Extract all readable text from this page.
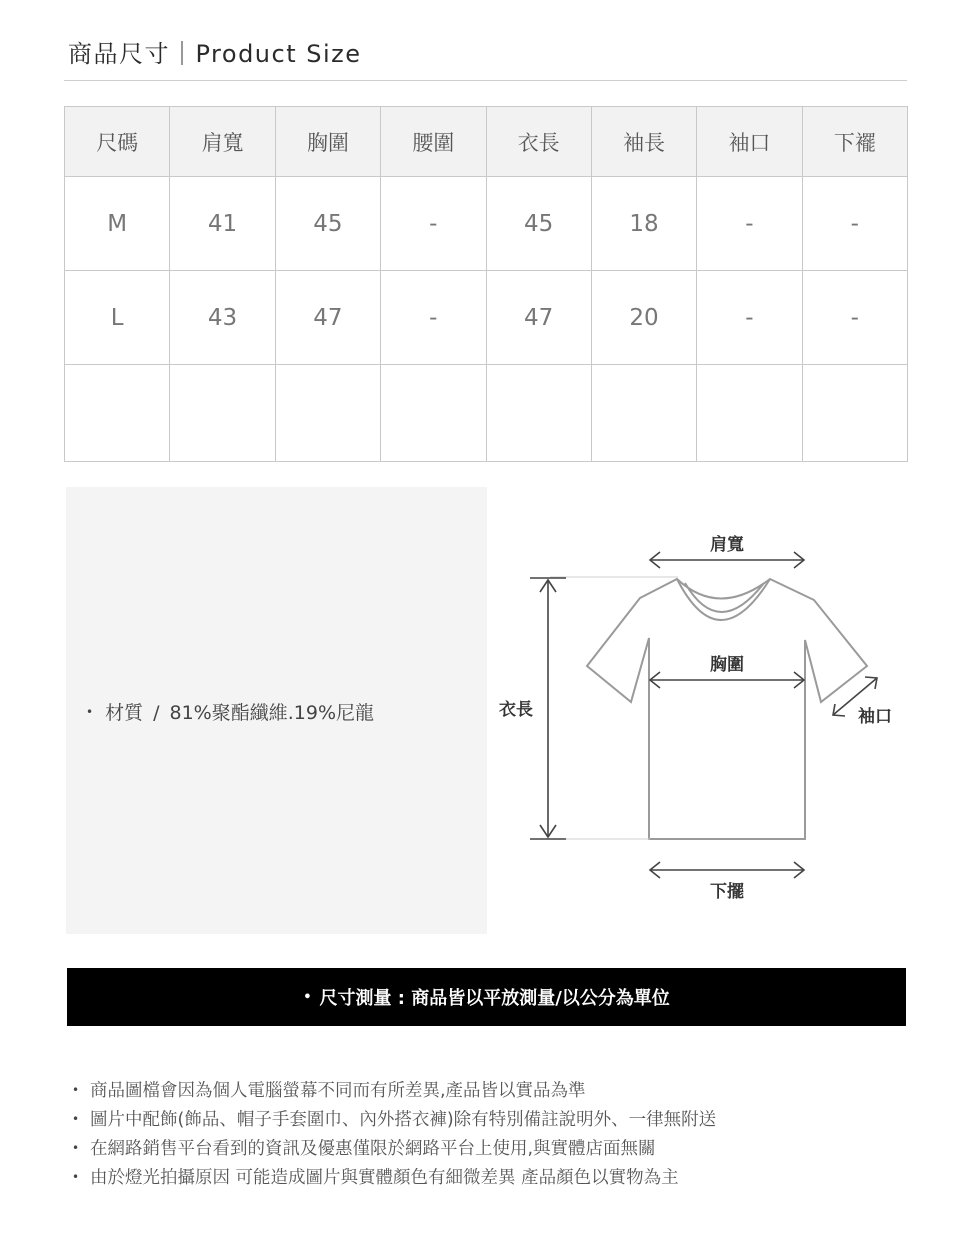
商品尺寸｜Product Size
尺碼	肩寬	胸圍	腰圍	衣長	袖長	袖口	下襬
M	41	45	-	45	18	-	-
L	43	47	-	47	20	-	-

• 材質 / 81%聚酯纖維.19%尼龍
肩寬
胸圍
衣長	袖口
下擺
• 尺寸測量 : 商品皆以平放測量/以公分為單位
• 商品圖檔會因為個人電腦螢幕不同而有所差異,產品皆以實品為準
• 圖片中配飾(飾品、帽子手套圍巾、內外搭衣褲)除有特別備註說明外、一律無附送
• 在網路銷售平台看到的資訊及優惠僅限於網路平台上使用,與實體店面無關
• 由於燈光拍攝原因 可能造成圖片與實體顏色有細微差異 產品顏色以實物為主
